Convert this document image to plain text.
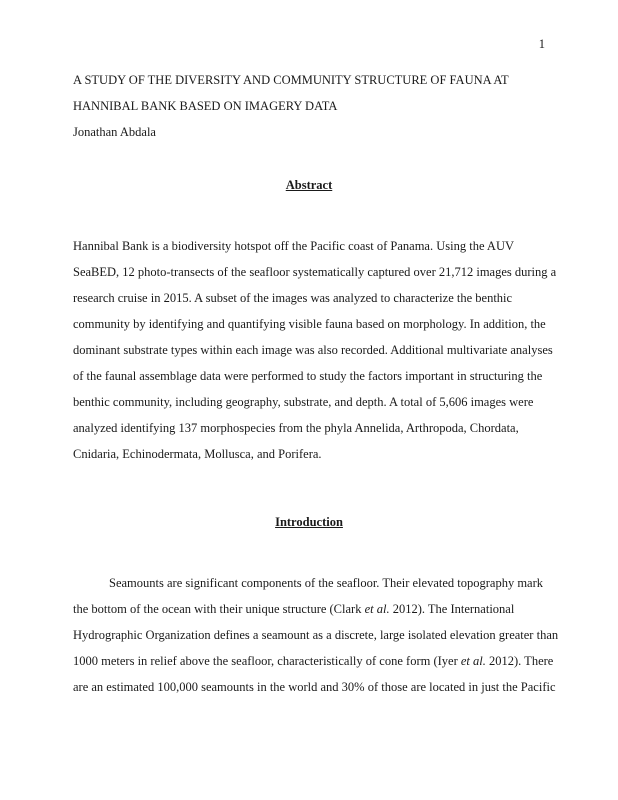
1
A STUDY OF THE DIVERSITY AND COMMUNITY STRUCTURE OF FAUNA AT
HANNIBAL BANK BASED ON IMAGERY DATA
Jonathan Abdala
Abstract
Hannibal Bank is a biodiversity hotspot off the Pacific coast of Panama. Using the AUV
SeaBED, 12 photo-transects of the seafloor systematically captured over 21,712 images during a
research cruise in 2015. A subset of the images was analyzed to characterize the benthic
community by identifying and quantifying visible fauna based on morphology. In addition, the
dominant substrate types within each image was also recorded. Additional multivariate analyses
of the faunal assemblage data were performed to study the factors important in structuring the
benthic community, including geography, substrate, and depth. A total of 5,606 images were
analyzed identifying 137 morphospecies from the phyla Annelida, Arthropoda, Chordata,
Cnidaria, Echinodermata, Mollusca, and Porifera.
Introduction
Seamounts are significant components of the seafloor. Their elevated topography mark
the bottom of the ocean with their unique structure (Clark et al. 2012). The International
Hydrographic Organization defines a seamount as a discrete, large isolated elevation greater than
1000 meters in relief above the seafloor, characteristically of cone form (Iyer et al. 2012). There
are an estimated 100,000 seamounts in the world and 30% of those are located in just the Pacific
